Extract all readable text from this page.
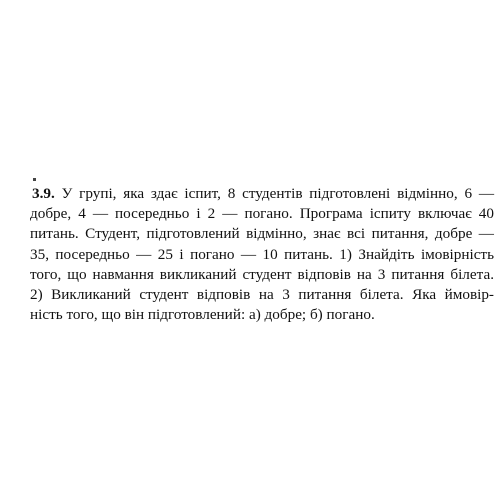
3.9. У групі, яка здає іспит, 8 студентів підготовлені відмінно, 6 —
добре, 4 — посередньо і 2 — погано. Програма іспиту включає 40
питань. Студент, підготовлений відмінно, знає всі питання, добре —
35, посередньо — 25 і погано — 10 питань. 1) Знайдіть імовірність
того, що навмання викликаний студент відповів на 3 питання білета.
2) Викликаний студент відповів на 3 питання білета. Яка ймовір-
ність того, що він підготовлений: а) добре; б) погано.
